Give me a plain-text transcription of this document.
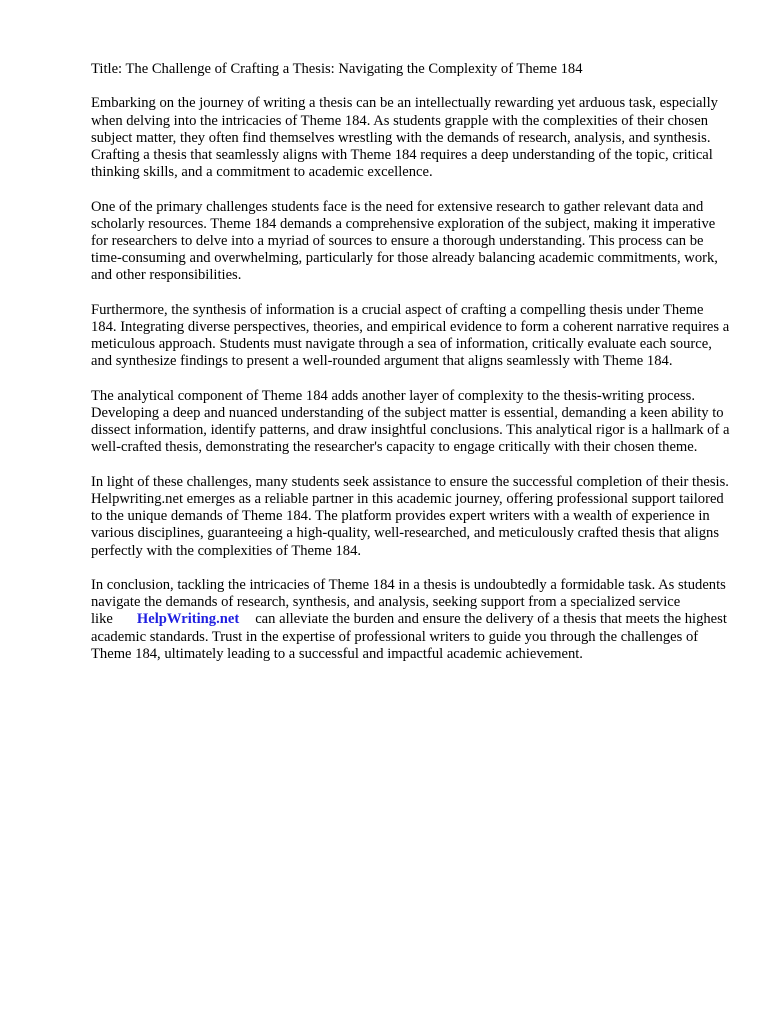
Title: The Challenge of Crafting a Thesis: Navigating the Complexity of Theme 184

Embarking on the journey of writing a thesis can be an intellectually rewarding yet arduous task, especially when delving into the intricacies of Theme 184. As students grapple with the complexities of their chosen subject matter, they often find themselves wrestling with the demands of research, analysis, and synthesis. Crafting a thesis that seamlessly aligns with Theme 184 requires a deep understanding of the topic, critical thinking skills, and a commitment to academic excellence.

One of the primary challenges students face is the need for extensive research to gather relevant data and scholarly resources. Theme 184 demands a comprehensive exploration of the subject, making it imperative for researchers to delve into a myriad of sources to ensure a thorough understanding. This process can be time-consuming and overwhelming, particularly for those already balancing academic commitments, work, and other responsibilities.

Furthermore, the synthesis of information is a crucial aspect of crafting a compelling thesis under Theme 184. Integrating diverse perspectives, theories, and empirical evidence to form a coherent narrative requires a meticulous approach. Students must navigate through a sea of information, critically evaluate each source, and synthesize findings to present a well-rounded argument that aligns seamlessly with Theme 184.

The analytical component of Theme 184 adds another layer of complexity to the thesis-writing process. Developing a deep and nuanced understanding of the subject matter is essential, demanding a keen ability to dissect information, identify patterns, and draw insightful conclusions. This analytical rigor is a hallmark of a well-crafted thesis, demonstrating the researcher's capacity to engage critically with their chosen theme.

In light of these challenges, many students seek assistance to ensure the successful completion of their thesis. Helpwriting.net emerges as a reliable partner in this academic journey, offering professional support tailored to the unique demands of Theme 184. The platform provides expert writers with a wealth of experience in various disciplines, guaranteeing a high-quality, well-researched, and meticulously crafted thesis that aligns perfectly with the complexities of Theme 184.

In conclusion, tackling the intricacies of Theme 184 in a thesis is undoubtedly a formidable task. As students navigate the demands of research, synthesis, and analysis, seeking support from a specialized service like HelpWriting.net can alleviate the burden and ensure the delivery of a thesis that meets the highest academic standards. Trust in the expertise of professional writers to guide you through the challenges of Theme 184, ultimately leading to a successful and impactful academic achievement.
